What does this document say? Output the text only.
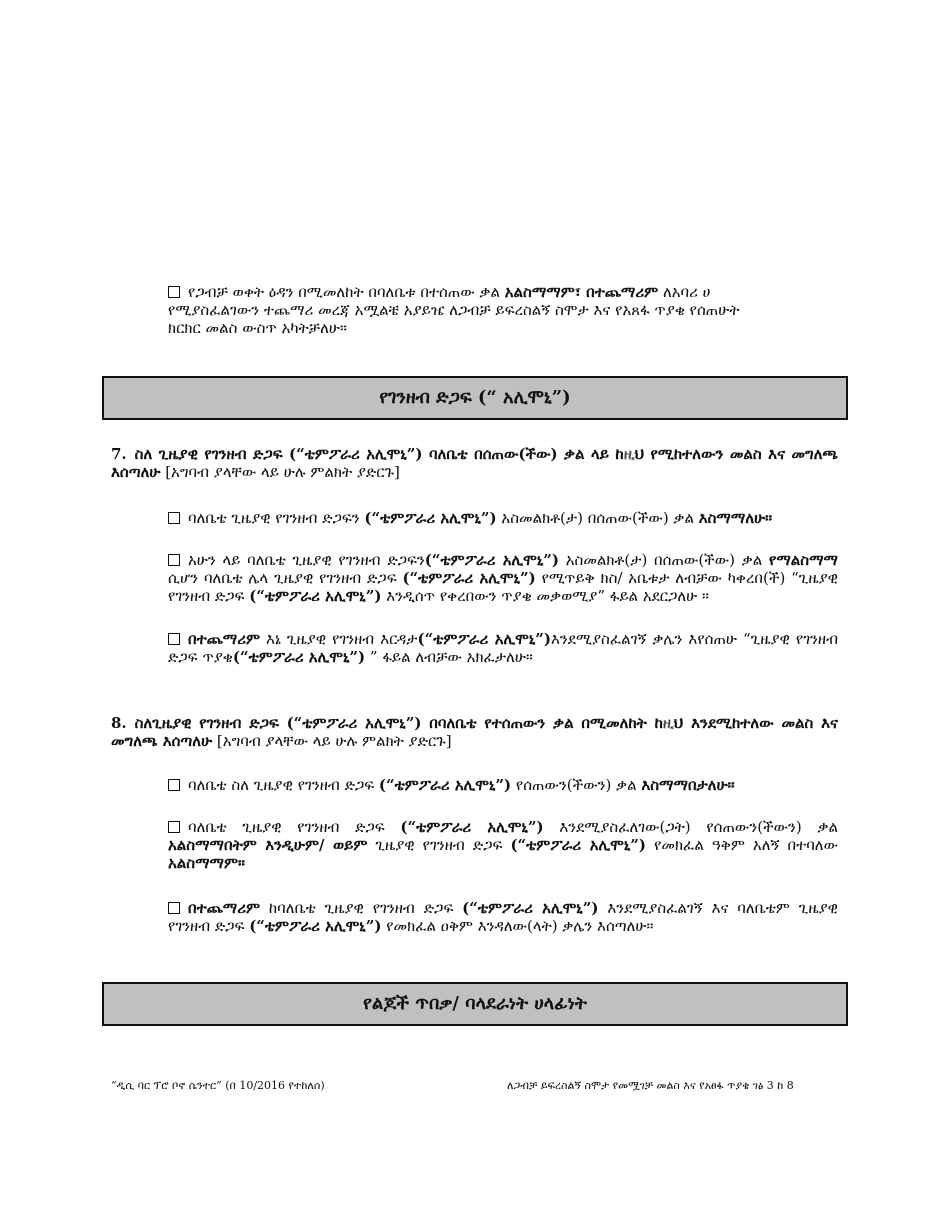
የጋብቻ ወቀት ዕዳን በሚመለከት በባለቤቱ በተሰጠው ቃል አልስማማም፣ በተጨማሪም ለአባሪ ሀ
የሚያስፈልገውን ተጨማሪ መረጃ አሟልቼ አያይዤ ለጋብቻ ይፍረስልኝ ስሞታ እና የአጸፋ ጥያቄ የሰጠሁት
ክርክር መልስ ውስጥ አካትቻለሁ።
የገንዘብ ድጋፍ (“ አሊሞኒ”)
7. ስለ ጊዜያዊ የገንዘብ ድጋፍ (“ቴምፖራሪ አሊሞኒ”) ባለቤቴ በሰጠው(ችው) ቃል ላይ ከዚህ የሚከተለውን መልስ እና መግለጫ እሰጣለሁ [አግባብ ያላቸው ላይ ሁሉ ምልክት ያድርጉ]
ባለቤቴ ጊዜያዊ የገንዘብ ድጋፍን (“ቴምፖራሪ አሊሞኒ”) አስመልክቶ(ታ) በሰጠው(ችው) ቃል እስማማለሁ።
አሁን ላይ ባለቤቴ ጊዜያዊ የገንዘብ ድጋፍን(“ቴምፖራሪ አሊሞኒ”) አስመልክቶ(ታ) በሰጠው(ችው) ቃል የማልስማማ ሲሆን ባለቤቴ ሌላ ጊዜያዊ የገንዘብ ድጋፍ (“ቴምፖራሪ አሊሞኒ”) የሚጥይቅ ክስ/ አቤቱታ ለብቻው ካቀረበ(ች) “ጊዜያዊ የገንዘብ ድጋፍ (“ቴምፖራሪ አሊሞኒ”) እንዲሰጥ የቀረበውን ጥያቄ መቃወሚያ” ፋይል አደርጋለሁ ።
በተጨማሪም እኔ ጊዜያዊ የገንዘብ እርዳታ(“ቴምፖራሪ አሊሞኒ”)እንደሚያስፈልገኝ ቃሌን እየሰጠሁ “ጊዜያዊ የገንዘብ ድጋፍ ጥያቄ(“ቴምፖራሪ አሊሞኒ”) ” ፋይል ለብቻው አክፈታለሁ።
8. ስለጊዜያዊ የገንዘብ ድጋፍ (“ቴምፖራሪ አሊሞኒ”) በባለቤቴ የተሰጠውን ቃል በሚመለከት ከዚህ እንደሚከተለው መልስ እና መግለጫ እሰጣለሁ [አግባብ ያላቸው ላይ ሁሉ ምልክት ያድርጉ]
ባለቤቴ ስለ ጊዜያዊ የገንዘብ ድጋፍ (“ቴምፖራሪ አሊሞኒ”) የሰጠውን(ችውን) ቃል እስማማበታለሁ።
ባለቤቴ ጊዜያዊ የገንዘብ ድጋፍ (“ቴምፖራሪ አሊሞኒ”) እንደሚያስፈለገው(ጋት) የሰጠውን(ችውን) ቃል አልስማማበትም እንዲሁም/ ወይም ጊዜያዊ የገንዘብ ድጋፍ (“ቴምፖራሪ አሊሞኒ”) የመክፈል ዓቅም አለኝ በተባለው አልስማማም።
በተጨማሪም ከባለቤቴ ጊዜያዊ የገንዘብ ድጋፍ (“ቴምፖራሪ አሊሞኒ”) እንደሚያስፈልገኝ እና ባለቤቴም ጊዜያዊ የገንዘብ ድጋፍ (“ቴምፖራሪ አሊሞኒ”) የመክፈል ዐቅም እንዳለው(ላት) ቃሌን እሰጣለሁ።
የልጆች ጥበቃ/ ባላደራነት ሀላፊነት
“ዲሲ ባር ፕሮ ቦኖ ሴንተር” (በ 10/2016 የተከለሰ)	ለጋብቻ ይፍረስልኝ ስሞታ የመሟገቻ መልስ እና የአፀፋ ጥያቄ ገፅ 3 ከ 8
